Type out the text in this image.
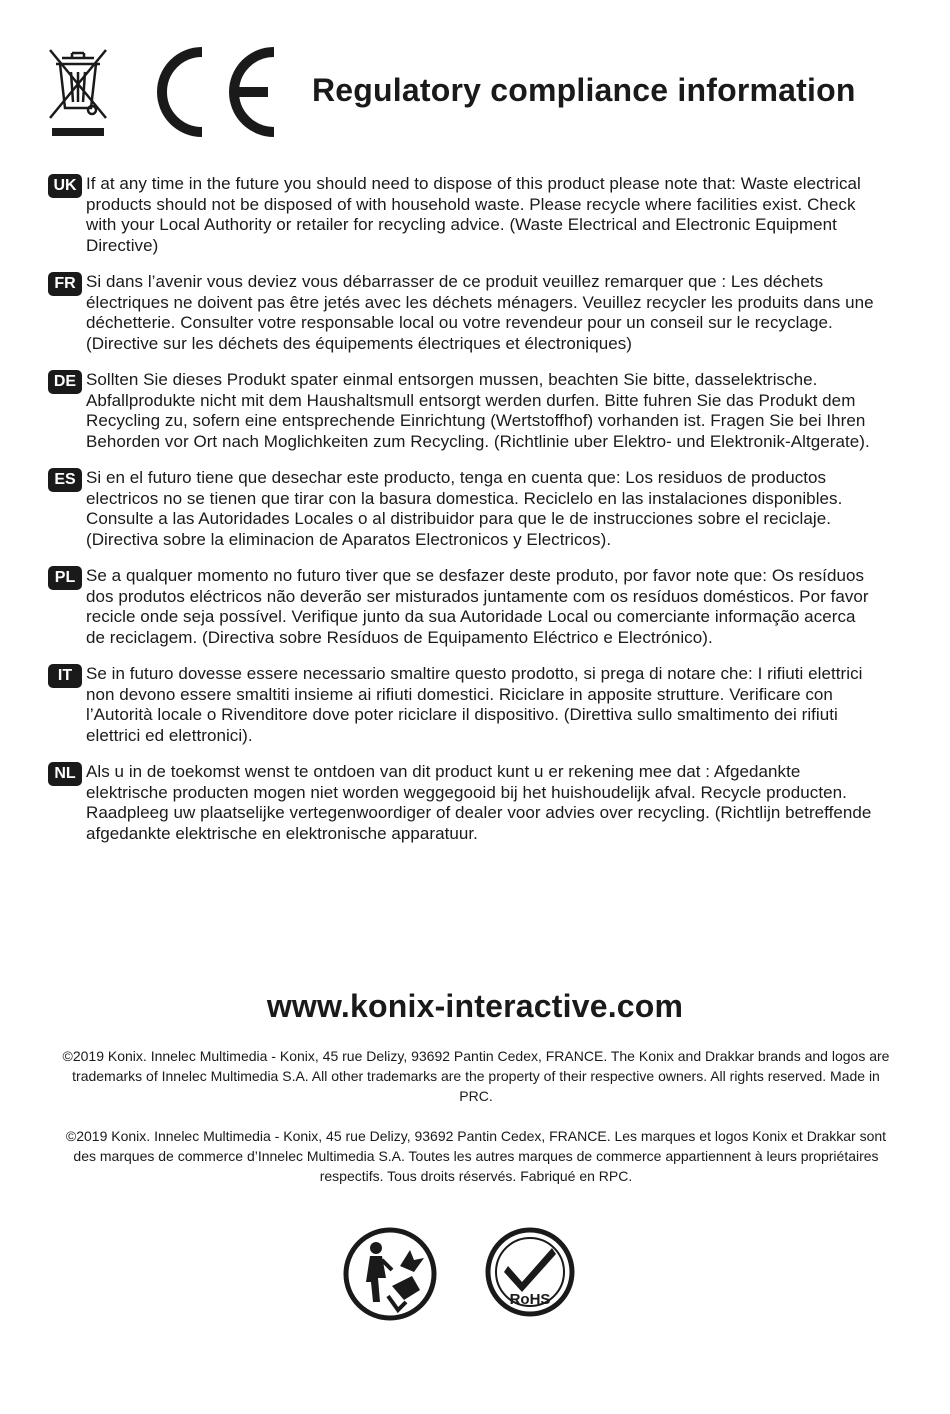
Regulatory compliance information
UK If at any time in the future you should need to dispose of this product please note that: Waste electrical products should not be disposed of with household waste. Please recycle where facilities exist. Check with your Local Authority or retailer for recycling advice. (Waste Electrical and Electronic Equipment Directive)

FR Si dans l’avenir vous deviez vous débarrasser de ce produit veuillez remarquer que : Les déchets électriques ne doivent pas être jetés avec les déchets ménagers. Veuillez recycler les produits dans une déchetterie. Consulter votre responsable local ou votre revendeur pour un conseil sur le recyclage. (Directive sur les déchets des équipements électriques et électroniques)

DE Sollten Sie dieses Produkt spater einmal entsorgen mussen, beachten Sie bitte, dasselektrische. Abfallprodukte nicht mit dem Haushaltsmull entsorgt werden durfen. Bitte fuhren Sie das Produkt dem Recycling zu, sofern eine entsprechende Einrichtung (Wertstoffhof) vorhanden ist. Fragen Sie bei Ihren Behorden vor Ort nach Moglichkeiten zum Recycling. (Richtlinie uber Elektro- und Elektronik-Altgerate).

ES Si en el futuro tiene que desechar este producto, tenga en cuenta que: Los residuos de productos electricos no se tienen que tirar con la basura domestica. Reciclelo en las instalaciones disponibles. Consulte a las Autoridades Locales o al distribuidor para que le de instrucciones sobre el reciclaje. (Directiva sobre la eliminacion de Aparatos Electronicos y Electricos).

PL Se a qualquer momento no futuro tiver que se desfazer deste produto, por favor note que: Os resíduos dos produtos eléctricos não deverão ser misturados juntamente com os resíduos domésticos. Por favor recicle onde seja possível. Verifique junto da sua Autoridade Local ou comerciante informação acerca de reciclagem. (Directiva sobre Resíduos de Equipamento Eléctrico e Electrónico).

IT Se in futuro dovesse essere necessario smaltire questo prodotto, si prega di notare che: I rifiuti elettrici non devono essere smaltiti insieme ai rifiuti domestici. Riciclare in apposite strutture. Verificare con l’Autorità locale o Rivenditore dove poter riciclare il dispositivo. (Direttiva sullo smaltimento dei rifiuti elettrici ed elettronici).

NL Als u in de toekomst wenst te ontdoen van dit product kunt u er rekening mee dat : Afgedankte elektrische producten mogen niet worden weggegooid bij het huishoudelijk afval. Recycle producten. Raadpleeg uw plaatselijke vertegenwoordiger of dealer voor advies over recycling. (Richtlijn betreffende afgedankte elektrische en elektronische apparatuur.

www.konix-interactive.com

©2019 Konix. Innelec Multimedia - Konix, 45 rue Delizy, 93692 Pantin Cedex, FRANCE. The Konix and Drakkar brands and logos are trademarks of Innelec Multimedia S.A. All other trademarks are the property of their respective owners. All rights reserved. Made in PRC.

©2019 Konix. Innelec Multimedia - Konix, 45 rue Delizy, 93692 Pantin Cedex, FRANCE. Les marques et logos Konix et Drakkar sont des marques de commerce d’Innelec Multimedia S.A. Toutes les autres marques de commerce appartiennent à leurs propriétaires respectifs. Tous droits réservés. Fabriqué en RPC.

RoHS
